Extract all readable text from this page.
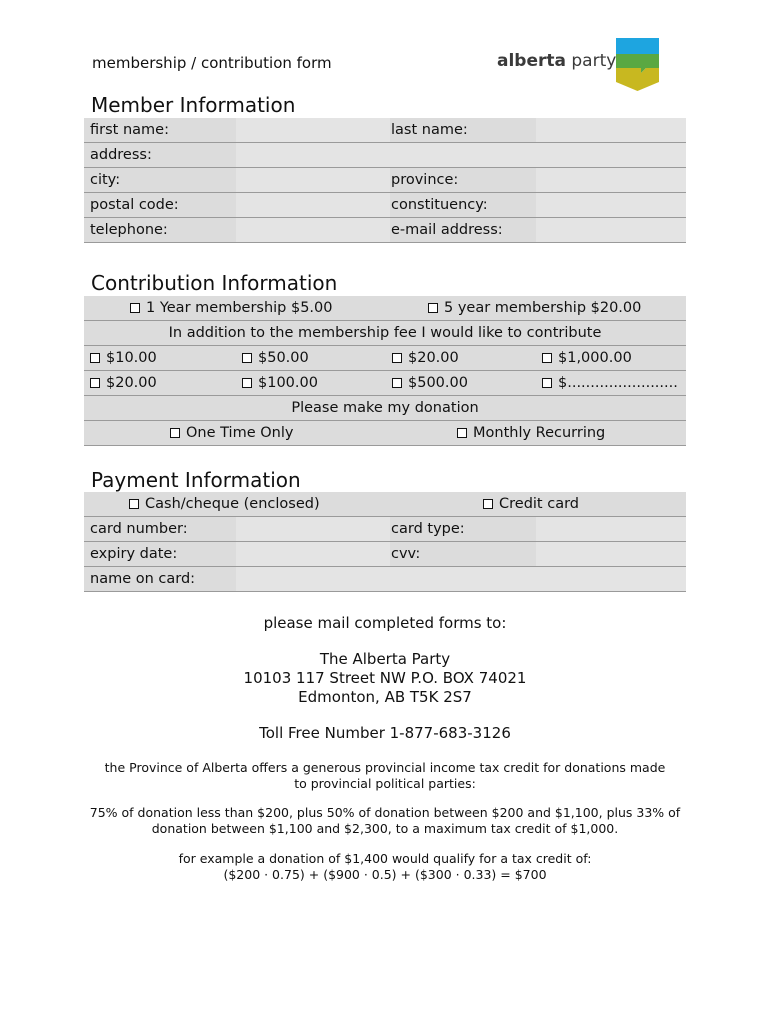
membership / contribution form	alberta party
Member Information
first name:	last name:
address:
city:	province:
postal code:	constituency:
telephone:	e-mail address:
Contribution Information
1 Year membership $5.00	5 year membership $20.00
In addition to the membership fee I would like to contribute
$10.00	$50.00	$20.00	$1,000.00
$20.00	$100.00	$500.00	$........................
Please make my donation
One Time Only	Monthly Recurring
Payment Information
Cash/cheque (enclosed)	Credit card
card number:	card type:
expiry date:	cvv:
name on card:
please mail completed forms to:
The Alberta Party
10103 117 Street NW P.O. BOX 74021
Edmonton, AB T5K 2S7
Toll Free Number 1-877-683-3126
the Province of Alberta offers a generous provincial income tax credit for donations made
to provincial political parties:
75% of donation less than $200, plus 50% of donation between $200 and $1,100, plus 33% of
donation between $1,100 and $2,300, to a maximum tax credit of $1,000.
for example a donation of $1,400 would qualify for a tax credit of:
($200 · 0.75) + ($900 · 0.5) + ($300 · 0.33) = $700
